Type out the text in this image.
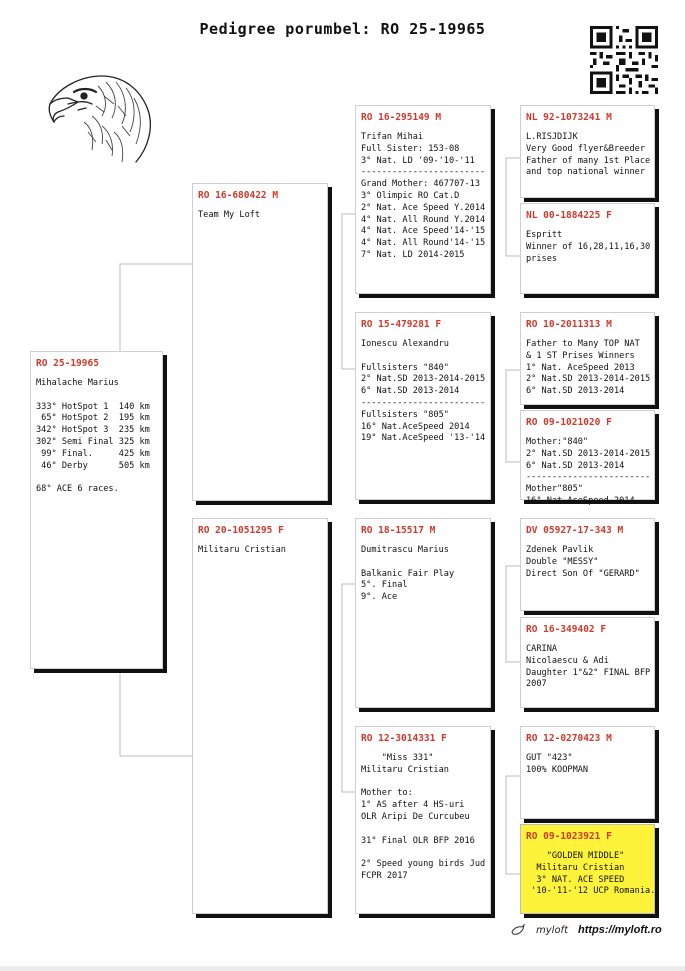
Pedigree porumbel: RO 25-19965
RO 25-19965
Mihalache Marius

333° HotSpot 1  140 km
65° HotSpot 2  195 km
342° HotSpot 3  235 km
302° Semi Final 325 km
99° Final.     425 km
46° Derby      505 km

68° ACE 6 races.
RO 16-680422 M
Team My Loft
RO 20-1051295 F
Militaru Cristian
RO 16-295149 M
Trifan Mihai
Full Sister: 153-08
3° Nat. LD '09-'10-'11
------------------------
Grand Mother: 467707-13
3° Olimpic RO Cat.D
2° Nat. Ace Speed Y.2014
4° Nat. All Round Y.2014
4° Nat. Ace Speed'14-'15
4° Nat. All Round'14-'15
7° Nat. LD 2014-2015
RO 15-479281 F
Ionescu Alexandru

Fullsisters "840"
2° Nat.SD 2013-2014-2015
6° Nat.SD 2013-2014
------------------------
Fullsisters "805"
16° Nat.AceSpeed 2014
19° Nat.AceSpeed '13-'14
RO 18-15517 M
Dumitrascu Marius

Balkanic Fair Play
5°. Final
9°. Ace
RO 12-3014331 F
"Miss 331"
Militaru Cristian

Mother to:
1° AS after 4 HS-uri
OLR Aripi De Curcubeu

31° Final OLR BFP 2016

2° Speed young birds Jud
FCPR 2017
NL 92-1073241 M
L.RISJDIJK
Very Good flyer&Breeder
Father of many 1st Place
and top national winner
NL 00-1884225 F
Espritt
Winner of 16,28,11,16,30
prises
RO 10-2011313 M
Father to Many TOP NAT
& 1 ST Prises Winners
1° Nat. AceSpeed 2013
2° Nat.SD 2013-2014-2015
6° Nat.SD 2013-2014
RO 09-1021020 F
Mother:"840"
2° Nat.SD 2013-2014-2015
6° Nat.SD 2013-2014
------------------------
Mother"805"
16° Nat.AceSpeed 2014
DV 05927-17-343 M
Zdenek Pavlik
Double "MESSY"
Direct Son Of "GERARD"
RO 16-349402 F
CARINA
Nicolaescu & Adi
Daughter 1°&2° FINAL BFP
2007
RO 12-0270423 M
GUT "423"
100% KOOPMAN
RO 09-1023921 F
"GOLDEN MIDDLE"
Militaru Cristian
3° NAT. ACE SPEED
'10-'11-'12 UCP Romania.
myloft https://myloft.ro
